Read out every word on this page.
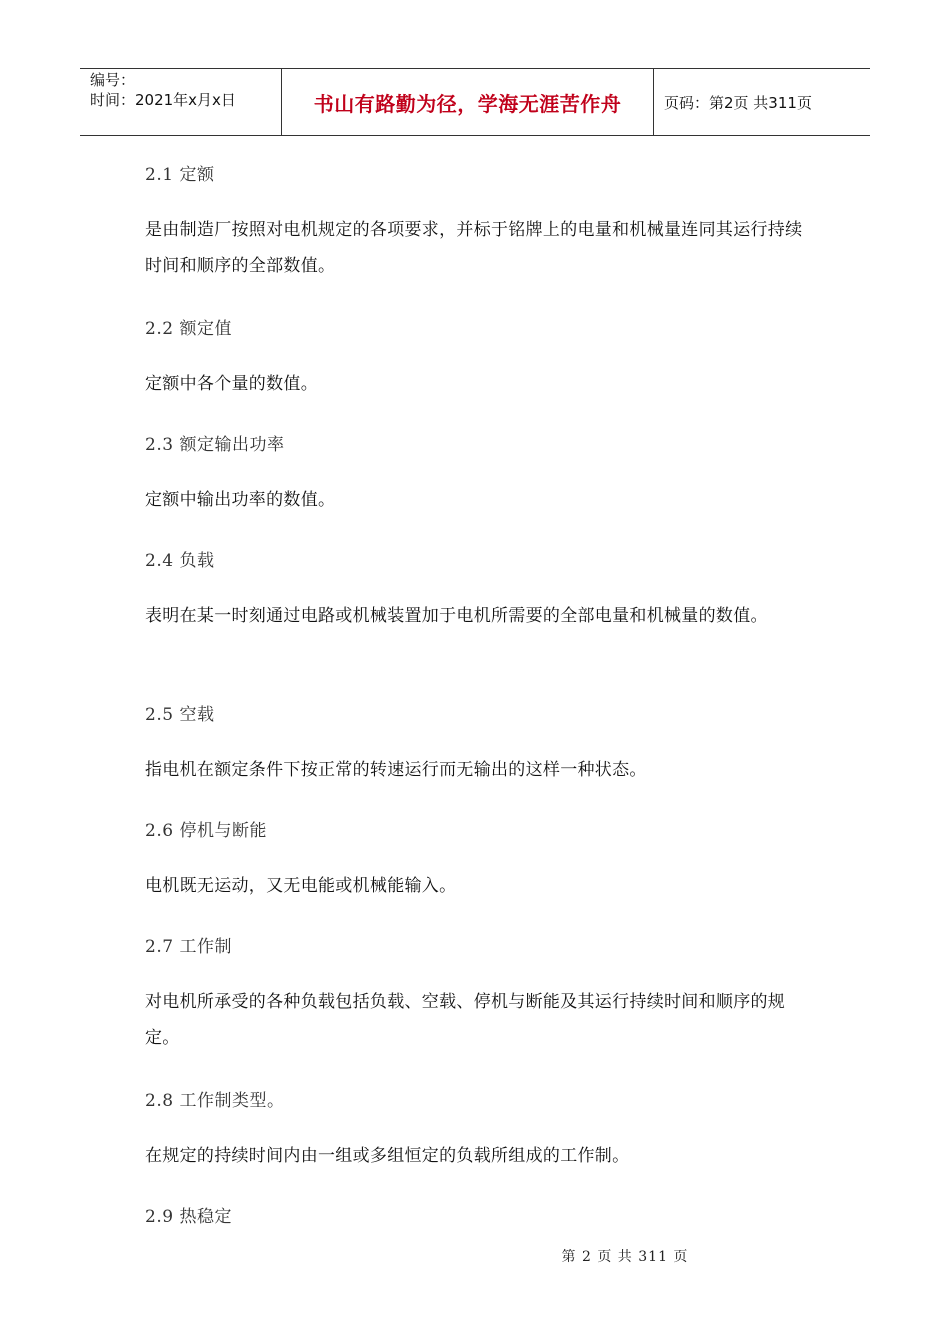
编号：
时间：2021年x月x日	书山有路勤为径，学海无涯苦作舟	页码：第2页 共311页

2.1 定额

是由制造厂按照对电机规定的各项要求，并标于铭牌上的电量和机械量连同其运行持续时间和顺序的全部数值。

2.2 额定值

定额中各个量的数值。

2.3 额定输出功率

定额中输出功率的数值。

2.4 负载

表明在某一时刻通过电路或机械装置加于电机所需要的全部电量和机械量的数值。

2.5 空载

指电机在额定条件下按正常的转速运行而无输出的这样一种状态。

2.6 停机与断能

电机既无运动，又无电能或机械能输入。

2.7 工作制

对电机所承受的各种负载包括负载、空载、停机与断能及其运行持续时间和顺序的规定。

2.8 工作制类型。

在规定的持续时间内由一组或多组恒定的负载所组成的工作制。

2.9 热稳定

第 2 页 共 311 页
